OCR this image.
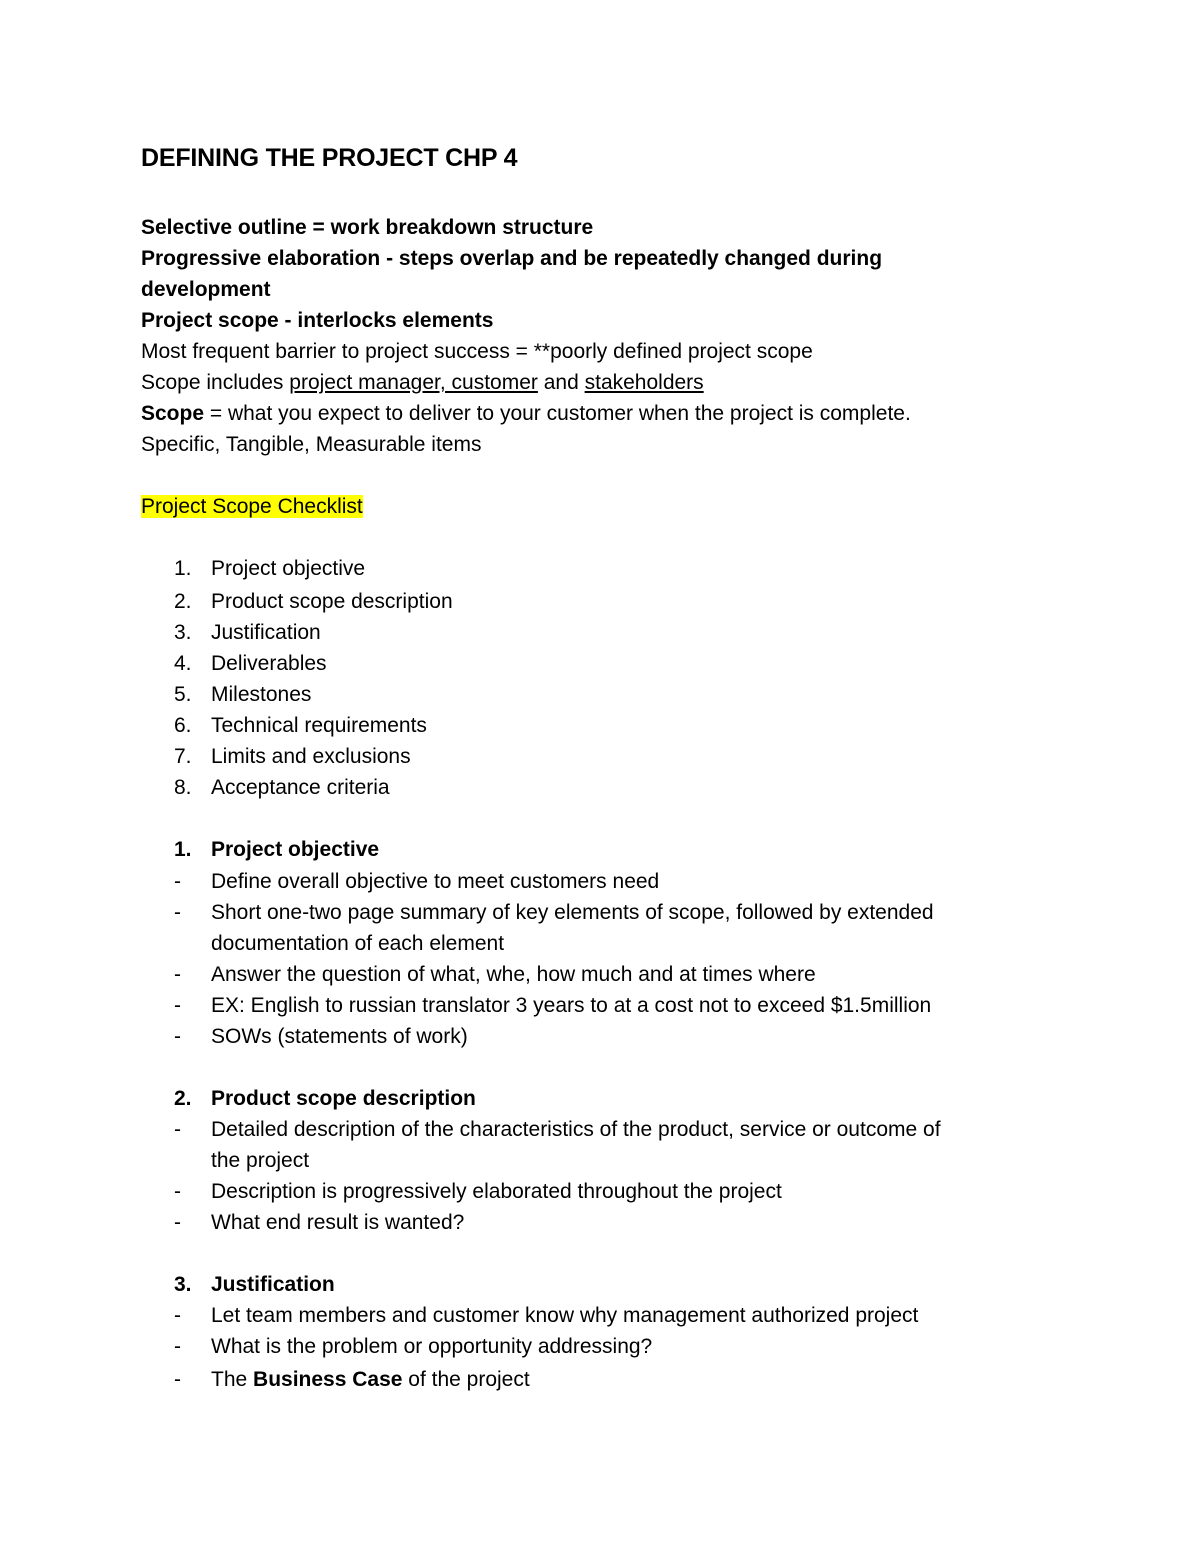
DEFINING THE PROJECT CHP 4
Selective outline = work breakdown structure
Progressive elaboration - steps overlap and be repeatedly changed during
development
Project scope - interlocks elements
Most frequent barrier to project success = **poorly defined project scope
Scope includes project manager, customer and stakeholders
Scope = what you expect to deliver to your customer when the project is complete.
Specific, Tangible, Measurable items
Project Scope Checklist
1. Project objective
2. Product scope description
3. Justification
4. Deliverables
5. Milestones
6. Technical requirements
7. Limits and exclusions
8. Acceptance criteria
1. Project objective
- Define overall objective to meet customers need
- Short one-two page summary of key elements of scope, followed by extended
documentation of each element
- Answer the question of what, whe, how much and at times where
- EX: English to russian translator 3 years to at a cost not to exceed $1.5million
- SOWs (statements of work)
2. Product scope description
- Detailed description of the characteristics of the product, service or outcome of
the project
- Description is progressively elaborated throughout the project
- What end result is wanted?
3. Justification
- Let team members and customer know why management authorized project
- What is the problem or opportunity addressing?
- The Business Case of the project
